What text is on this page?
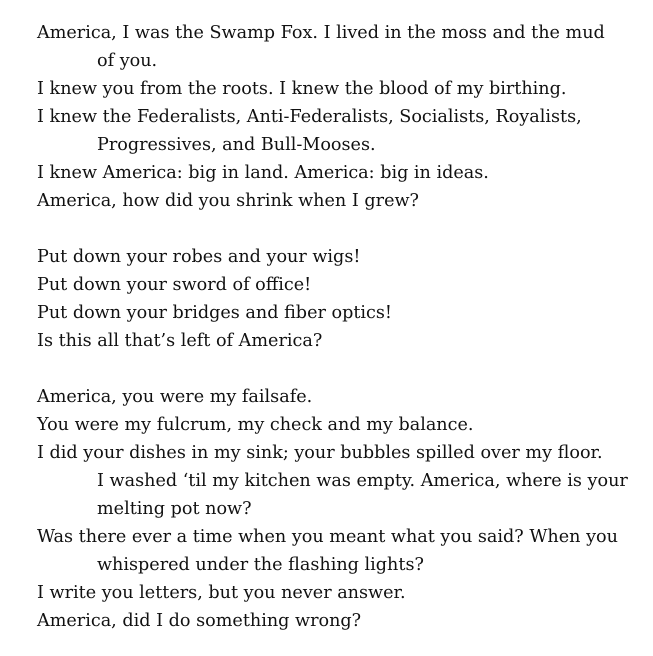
America, I was the Swamp Fox. I lived in the moss and the mud
of you.
I knew you from the roots. I knew the blood of my birthing.
I knew the Federalists, Anti-Federalists, Socialists, Royalists,
Progressives, and Bull-Mooses.
I knew America: big in land. America: big in ideas.
America, how did you shrink when I grew?
Put down your robes and your wigs!
Put down your sword of office!
Put down your bridges and fiber optics!
Is this all that’s left of America?
America, you were my failsafe.
You were my fulcrum, my check and my balance.
I did your dishes in my sink; your bubbles spilled over my floor.
I washed ‘til my kitchen was empty. America, where is your
melting pot now?
Was there ever a time when you meant what you said? When you
whispered under the flashing lights?
I write you letters, but you never answer.
America, did I do something wrong?
